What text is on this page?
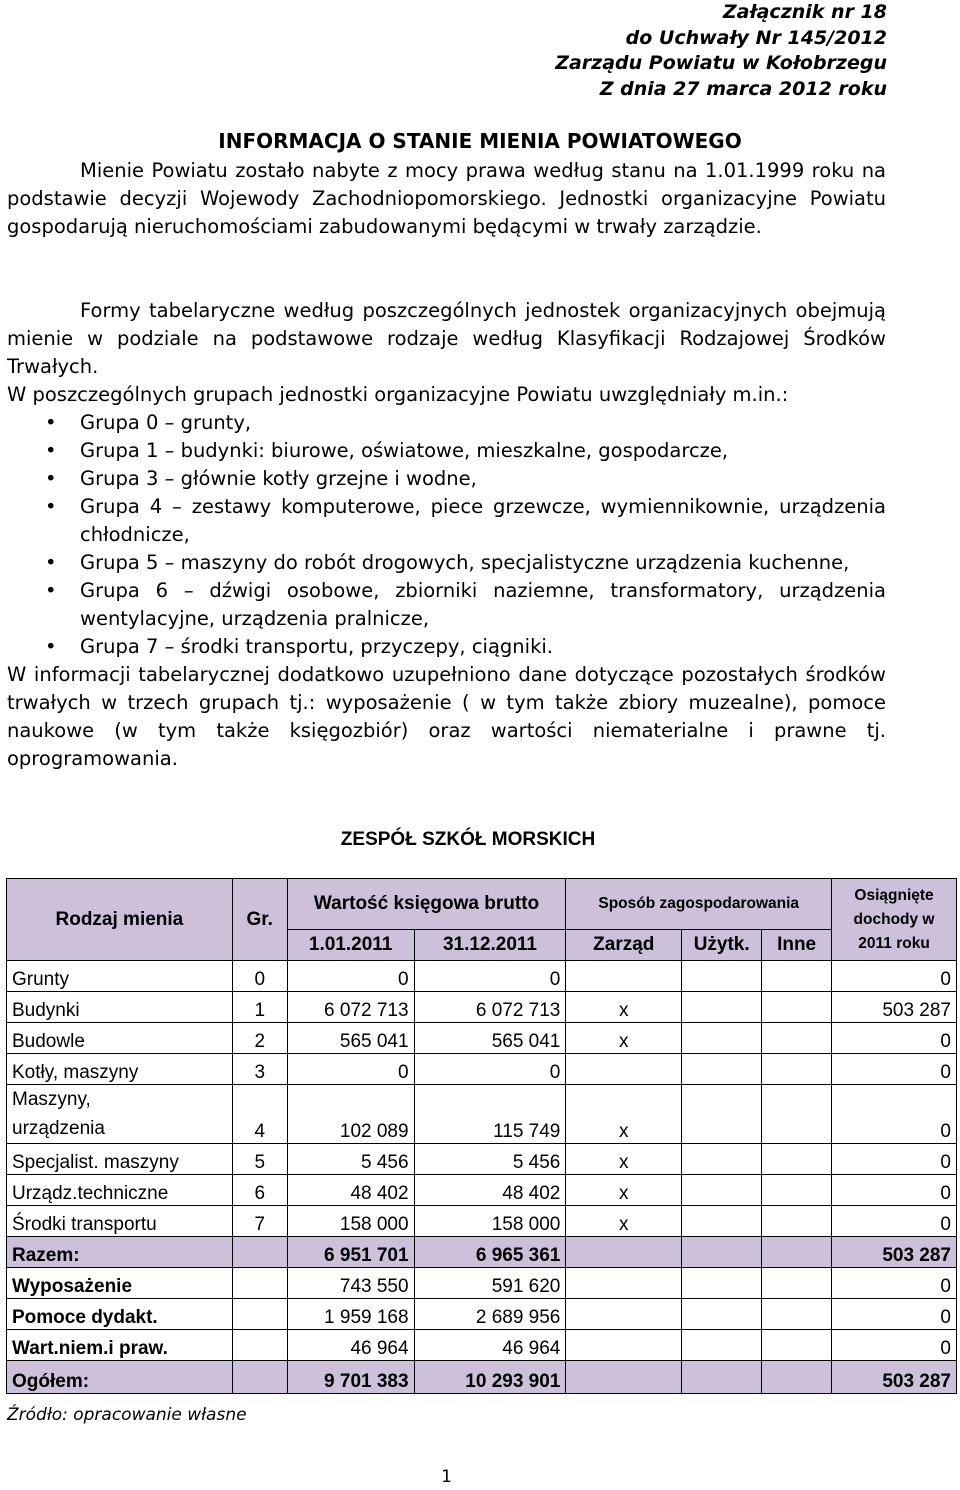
Załącznik nr 18
do Uchwały Nr 145/2012
Zarządu Powiatu w Kołobrzegu
Z dnia 27 marca 2012 roku
INFORMACJA O STANIE MIENIA POWIATOWEGO
Mienie Powiatu zostało nabyte z mocy prawa według stanu na 1.01.1999 roku na podstawie decyzji Wojewody Zachodniopomorskiego. Jednostki organizacyjne Powiatu gospodarują nieruchomościami zabudowanymi będącymi w trwały zarządzie.

Formy tabelaryczne według poszczególnych jednostek organizacyjnych obejmują mienie w podziale na podstawowe rodzaje według Klasyfikacji Rodzajowej Środków Trwałych.

W poszczególnych grupach jednostki organizacyjne Powiatu uwzględniały m.in.:

• Grupa 0 – grunty,
• Grupa 1 – budynki: biurowe, oświatowe, mieszkalne, gospodarcze,
• Grupa 3 – głównie kotły grzejne i wodne,
• Grupa 4 – zestawy komputerowe, piece grzewcze, wymiennikownie, urządzenia chłodnicze,
• Grupa 5 – maszyny do robót drogowych, specjalistyczne urządzenia kuchenne,
• Grupa 6 – dźwigi osobowe, zbiorniki naziemne, transformatory, urządzenia wentylacyjne, urządzenia pralnicze,
• Grupa 7 – środki transportu, przyczepy, ciągniki.

W informacji tabelarycznej dodatkowo uzupełniono dane dotyczące pozostałych środków trwałych w trzech grupach tj.: wyposażenie ( w tym także zbiory muzealne), pomoce naukowe (w tym także księgozbiór) oraz wartości niematerialne i prawne tj. oprogramowania.

ZESPÓŁ SZKÓŁ MORSKICH
Rodzaj mienia	Gr.	Wartość księgowa brutto		Sposób zagospodarowania			Osiągnięte dochody w 2011 roku
		1.01.2011	31.12.2011	Zarząd	Użytk.	Inne	
Grunty	0	0	0				0
Budynki	1	6 072 713	6 072 713	x			503 287
Budowle	2	565 041	565 041	x			0
Kotły, maszyny	3	0	0				0

Maszyny,
urządzenia	4	102 089	115 749	x			0
Specjalist. maszyny	5	5 456	5 456	x			0
Urządz.techniczne	6	48 402	48 402	x			0
Środki transportu	7	158 000	158 000	x			0
Razem:		6 951 701	6 965 361				503 287
Wyposażenie		743 550	591 620				0
Pomoce dydakt.		1 959 168	2 689 956				0
Wart.niem.i praw.		46 964	46 964				0
Ogółem:		9 701 383	10 293 901				503 287
Źródło: opracowanie własne
1
